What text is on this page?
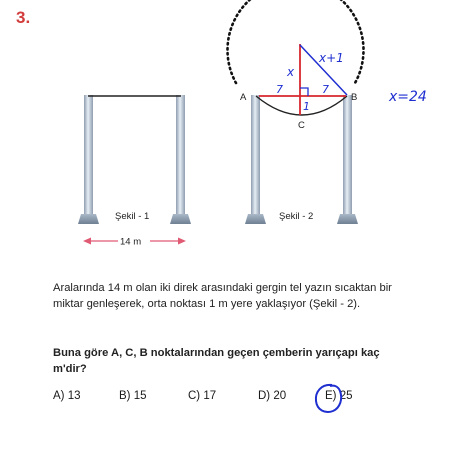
3.
Şekil - 1
14 m
A	B
C
Şekil - 2
x+1
x
7	7
1
x=24
Aralarında 14 m olan iki direk arasındaki gergin tel yazın sıcaktan bir miktar genleşerek, orta noktası 1 m yere yaklaşıyor (Şekil - 2).
Buna göre A, C, B noktalarından geçen çemberin yarıçapı kaç m'dir?
A) 13	B) 15	C) 17	D) 20	E) 25
